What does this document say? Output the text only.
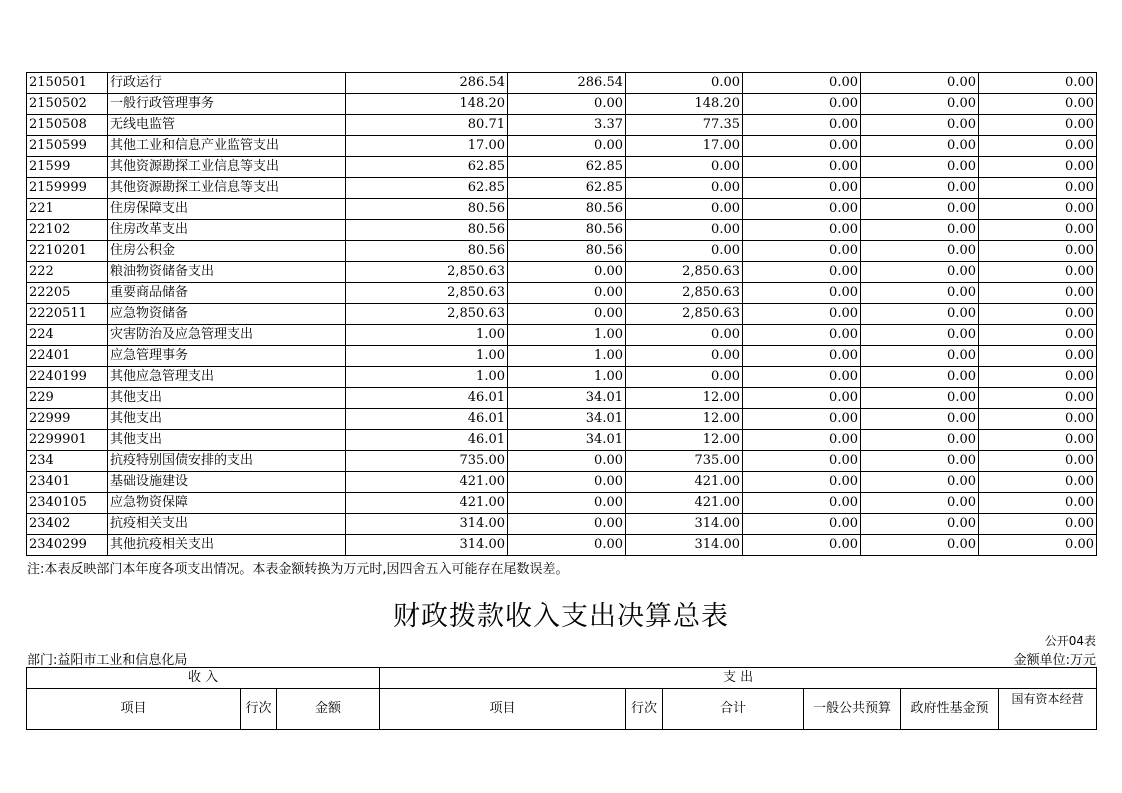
2150501	行政运行	286.54	286.54	0.00	0.00	0.00	0.00
2150502	一般行政管理事务	148.20	0.00	148.20	0.00	0.00	0.00
2150508	无线电监管	80.71	3.37	77.35	0.00	0.00	0.00
2150599	其他工业和信息产业监管支出	17.00	0.00	17.00	0.00	0.00	0.00
21599	其他资源勘探工业信息等支出	62.85	62.85	0.00	0.00	0.00	0.00
2159999	其他资源勘探工业信息等支出	62.85	62.85	0.00	0.00	0.00	0.00
221	住房保障支出	80.56	80.56	0.00	0.00	0.00	0.00
22102	住房改革支出	80.56	80.56	0.00	0.00	0.00	0.00
2210201	住房公积金	80.56	80.56	0.00	0.00	0.00	0.00
222	粮油物资储备支出	2,850.63	0.00	2,850.63	0.00	0.00	0.00
22205	重要商品储备	2,850.63	0.00	2,850.63	0.00	0.00	0.00
2220511	应急物资储备	2,850.63	0.00	2,850.63	0.00	0.00	0.00
224	灾害防治及应急管理支出	1.00	1.00	0.00	0.00	0.00	0.00
22401	应急管理事务	1.00	1.00	0.00	0.00	0.00	0.00
2240199	其他应急管理支出	1.00	1.00	0.00	0.00	0.00	0.00
229	其他支出	46.01	34.01	12.00	0.00	0.00	0.00
22999	其他支出	46.01	34.01	12.00	0.00	0.00	0.00
2299901	其他支出	46.01	34.01	12.00	0.00	0.00	0.00
234	抗疫特别国债安排的支出	735.00	0.00	735.00	0.00	0.00	0.00
23401	基础设施建设	421.00	0.00	421.00	0.00	0.00	0.00
2340105	应急物资保障	421.00	0.00	421.00	0.00	0.00	0.00
23402	抗疫相关支出	314.00	0.00	314.00	0.00	0.00	0.00
2340299	其他抗疫相关支出	314.00	0.00	314.00	0.00	0.00	0.00
注:本表反映部门本年度各项支出情况。本表金额转换为万元时,因四舍五入可能存在尾数误差。
财政拨款收入支出决算总表
公开04表
部门:益阳市工业和信息化局	金额单位:万元
收 入			支 出					
项目	行次	金额	项目	行次	合计	一般公共预算	政府性基金预	国有资本经营
